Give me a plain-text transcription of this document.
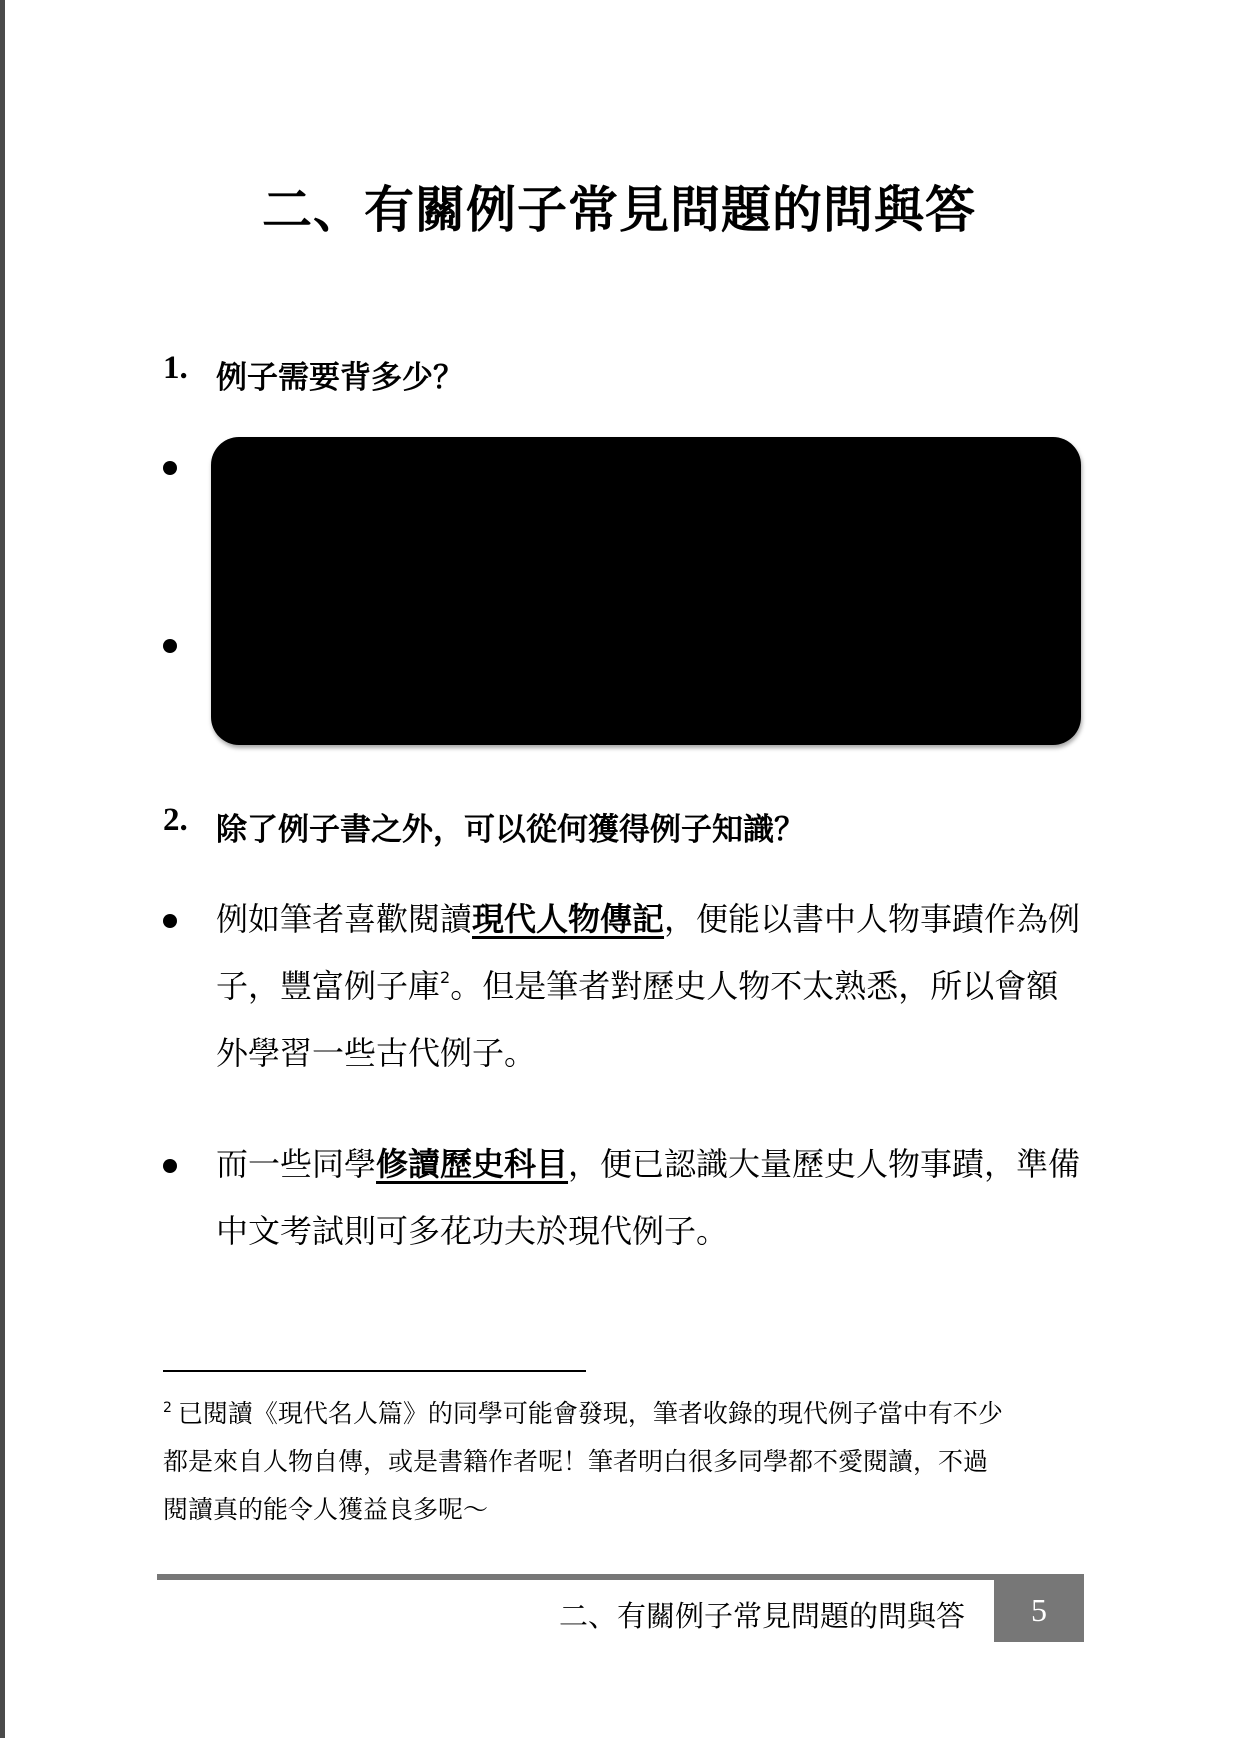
二、有關例子常見問題的問與答
1. 例子需要背多少？
2. 除了例子書之外，可以從何獲得例子知識？
例如筆者喜歡閱讀現代人物傳記，便能以書中人物事蹟作為例子，豐富例子庫$^2$。但是筆者對歷史人物不太熟悉，所以會額外學習一些古代例子。
而一些同學修讀歷史科目，便已認識大量歷史人物事蹟，準備中文考試則可多花功夫於現代例子。
$^2$ 已閱讀《現代名人篇》的同學可能會發現，筆者收錄的現代例子當中有不少都是來自人物自傳，或是書籍作者呢！筆者明白很多同學都不愛閱讀，不過閱讀真的能令人獲益良多呢～
二、有關例子常見問題的問與答	5
